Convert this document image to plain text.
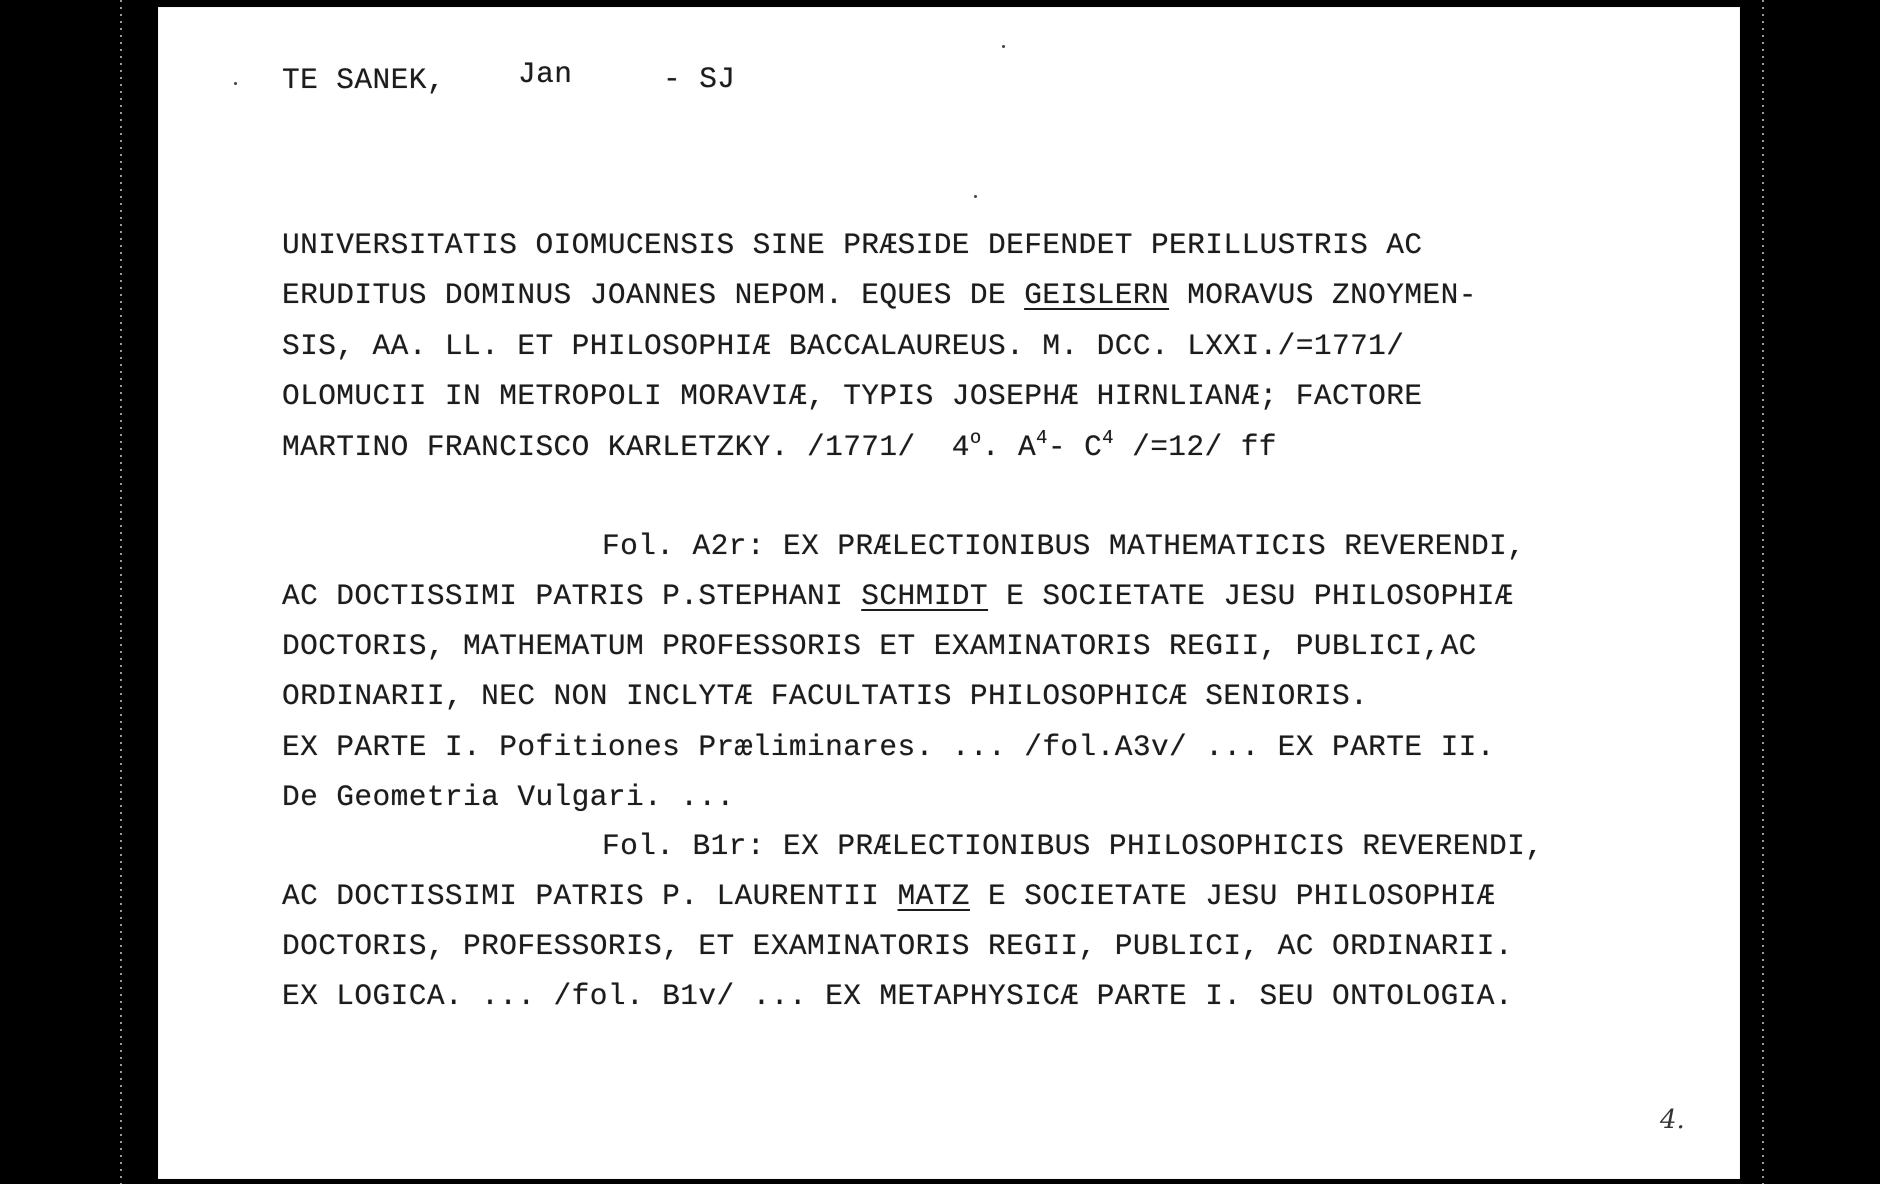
TE SANEK, Jan	- SJ
UNIVERSITATIS OIOMUCENSIS SINE PRÆSIDE DEFENDET PERILLUSTRIS AC
ERUDITUS DOMINUS JOANNES NEPOM. EQUES DE GEISLERN MORAVUS ZNOYMEN-
SIS, AA. LL. ET PHILOSOPHIÆ BACCALAUREUS. M. DCC. LXXI./=1771/
OLOMUCII IN METROPOLI MORAVIÆ, TYPIS JOSEPHÆ HIRNLIANÆ; FACTORE
MARTINO FRANCISCO KARLETZKY. /1771/  4$^o$. $A^4-$ $C^4$ /=12/ ff
Fol. A2r: EX PRÆLECTIONIBUS MATHEMATICIS REVERENDI,
AC DOCTISSIMI PATRIS P.STEPHANI SCHMIDT E SOCIETATE JESU PHILOSOPHIÆ
DOCTORIS, MATHEMATUM PROFESSORIS ET EXAMINATORIS REGII, PUBLICI,AC
ORDINARII, NEC NON INCLYTÆ FACULTATIS PHILOSOPHICÆ SENIORIS.
EX PARTE I. Pofitiones Præliminares. ... /fol.A3v/ ... EX PARTE II.
De Geometria Vulgari. ...
Fol. B1r: EX PRÆLECTIONIBUS PHILOSOPHICIS REVERENDI,
AC DOCTISSIMI PATRIS P. LAURENTII MATZ E SOCIETATE JESU PHILOSOPHIÆ
DOCTORIS, PROFESSORIS, ET EXAMINATORIS REGII, PUBLICI, AC ORDINARII.
EX LOGICA. ... /fol. B1v/ ... EX METAPHYSICÆ PARTE I. SEU ONTOLOGIA.
4.
